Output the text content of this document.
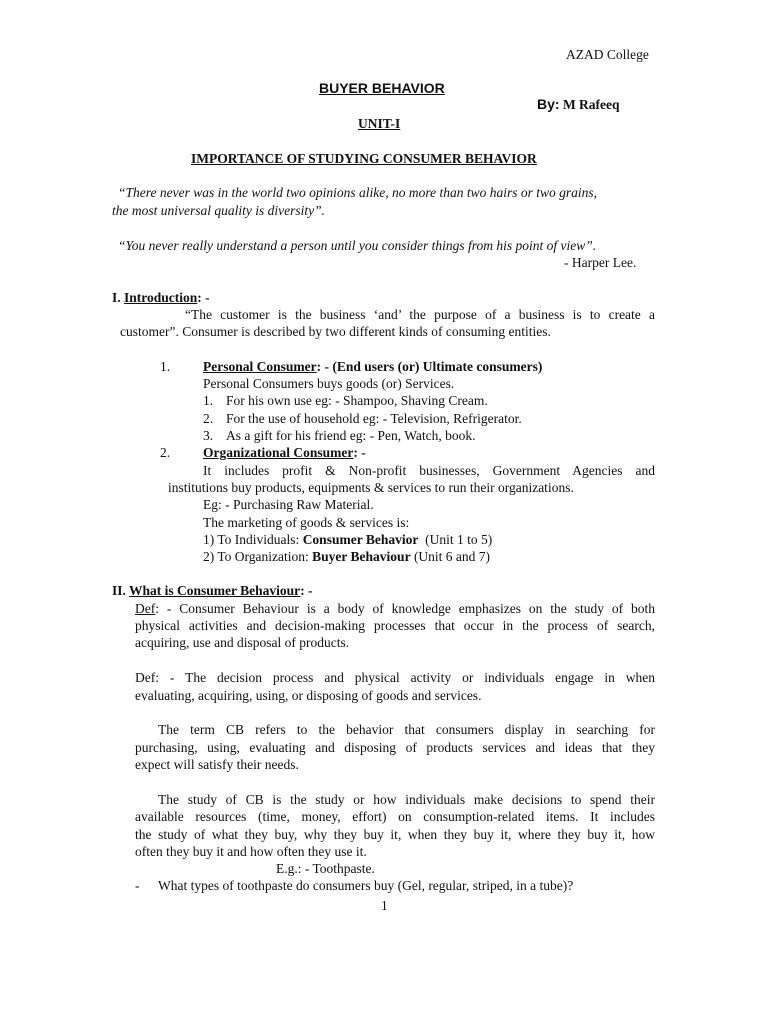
AZAD College
BUYER BEHAVIOR
By: M Rafeeq
UNIT-I
IMPORTANCE OF STUDYING CONSUMER BEHAVIOR
“There never was in the world two opinions alike, no more than two hairs or two grains,
the most universal quality is diversity”.
“You never really understand a person until you consider things from his point of view”.
- Harper Lee.
I. Introduction: -
“The customer is the business ‘and’ the purpose of a business is to create a
customer”. Consumer is described by two different kinds of consuming entities.
1. Personal Consumer: - (End users (or) Ultimate consumers)
Personal Consumers buys goods (or) Services.
1. For his own use eg: - Shampoo, Shaving Cream.
2. For the use of household eg: - Television, Refrigerator.
3. As a gift for his friend eg: - Pen, Watch, book.
2. Organizational Consumer: -
It includes profit & Non-profit businesses, Government Agencies and
institutions buy products, equipments & services to run their organizations.
Eg: - Purchasing Raw Material.
The marketing of goods & services is:
1) To Individuals: Consumer Behavior  (Unit 1 to 5)
2) To Organization: Buyer Behaviour (Unit 6 and 7)
II. What is Consumer Behaviour: -
Def: - Consumer Behaviour is a body of knowledge emphasizes on the study of both
physical activities and decision-making processes that occur in the process of search,
acquiring, use and disposal of products.
Def: - The decision process and physical activity or individuals engage in when
evaluating, acquiring, using, or disposing of goods and services.
The term CB refers to the behavior that consumers display in searching for
purchasing, using, evaluating and disposing of products services and ideas that they
expect will satisfy their needs.
The study of CB is the study or how individuals make decisions to spend their
available resources (time, money, effort) on consumption-related items. It includes
the study of what they buy, why they buy it, when they buy it, where they buy it, how
often they buy it and how often they use it.
E.g.: - Toothpaste.
- What types of toothpaste do consumers buy (Gel, regular, striped, in a tube)?
1
